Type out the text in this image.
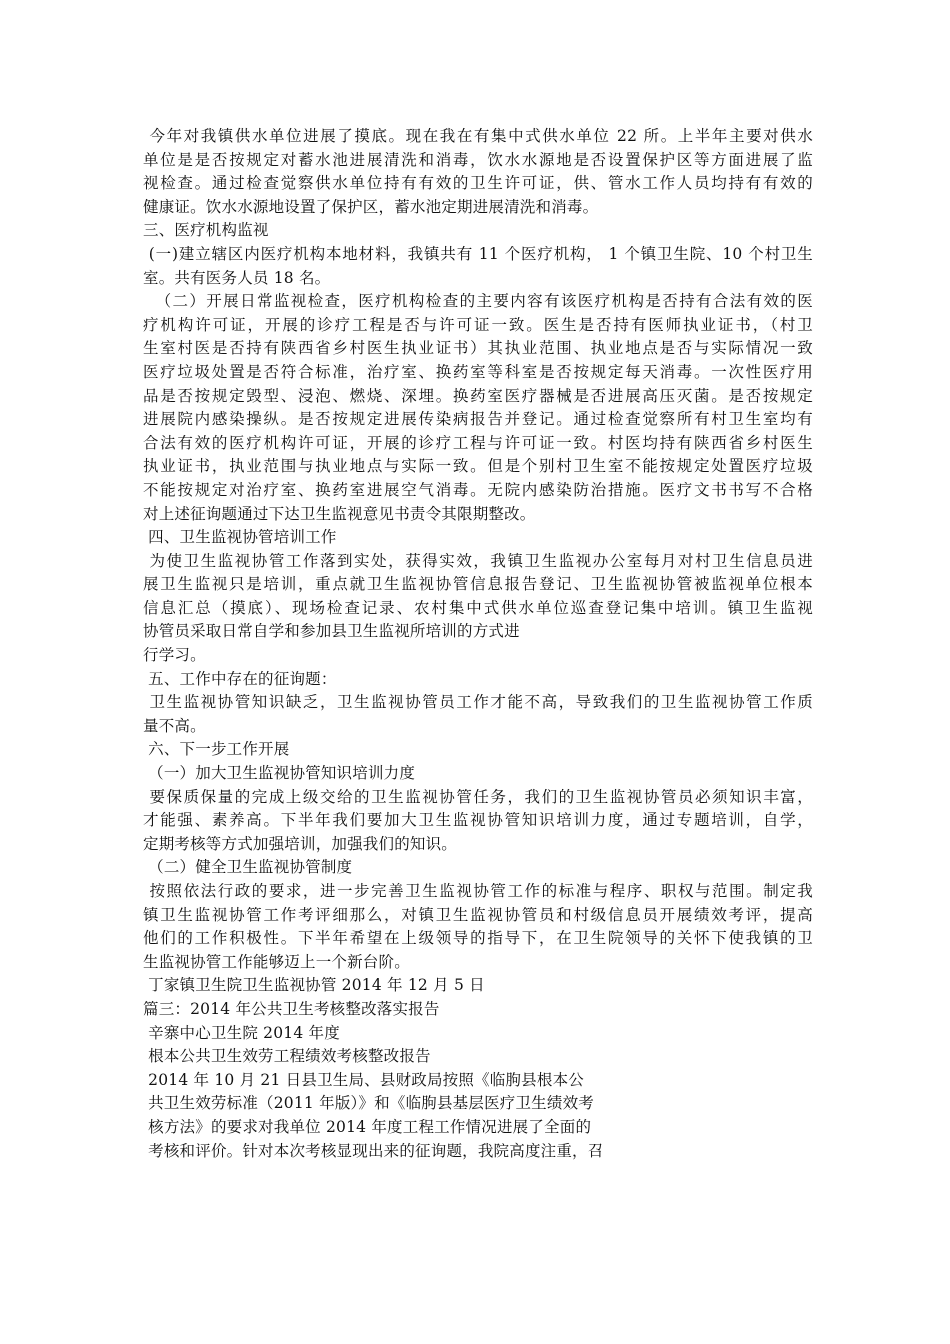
今年对我镇供水单位进展了摸底。现在我在有集中式供水单位 22 所。上半年主要对供水

单位是是否按规定对蓄水池进展清洗和消毒，饮水水源地是否设置保护区等方面进展了监

视检查。通过检查觉察供水单位持有有效的卫生许可证，供、管水工作人员均持有有效的

健康证。饮水水源地设置了保护区，蓄水池定期进展清洗和消毒。

三、医疗机构监视

(一)建立辖区内医疗机构本地材料，我镇共有 11 个医疗机构， 1 个镇卫生院、10 个村卫生

室。共有医务人员 18 名。

（二）开展日常监视检查，医疗机构检查的主要内容有该医疗机构是否持有合法有效的医

疗机构许可证，开展的诊疗工程是否与许可证一致。医生是否持有医师执业证书，（村卫

生室村医是否持有陕西省乡村医生执业证书）其执业范围、执业地点是否与实际情况一致

医疗垃圾处置是否符合标准，治疗室、换药室等科室是否按规定每天消毒。一次性医疗用

品是否按规定毁型、浸泡、燃烧、深埋。换药室医疗器械是否进展高压灭菌。是否按规定

进展院内感染操纵。是否按规定进展传染病报告并登记。通过检查觉察所有村卫生室均有

合法有效的医疗机构许可证，开展的诊疗工程与许可证一致。村医均持有陕西省乡村医生

执业证书，执业范围与执业地点与实际一致。但是个别村卫生室不能按规定处置医疗垃圾

不能按规定对治疗室、换药室进展空气消毒。无院内感染防治措施。医疗文书书写不合格

对上述征询题通过下达卫生监视意见书责令其限期整改。

四、卫生监视协管培训工作

为使卫生监视协管工作落到实处，获得实效，我镇卫生监视办公室每月对村卫生信息员进

展卫生监视只是培训，重点就卫生监视协管信息报告登记、卫生监视协管被监视单位根本

信息汇总（摸底）、现场检查记录、农村集中式供水单位巡查登记集中培训。镇卫生监视

协管员采取日常自学和参加县卫生监视所培训的方式进

行学习。

五、工作中存在的征询题：

卫生监视协管知识缺乏，卫生监视协管员工作才能不高，导致我们的卫生监视协管工作质

量不高。

六、下一步工作开展

（一）加大卫生监视协管知识培训力度

要保质保量的完成上级交给的卫生监视协管任务，我们的卫生监视协管员必须知识丰富，

才能强、素养高。下半年我们要加大卫生监视协管知识培训力度，通过专题培训，自学，

定期考核等方式加强培训，加强我们的知识。

（二）健全卫生监视协管制度

按照依法行政的要求，进一步完善卫生监视协管工作的标准与程序、职权与范围。制定我

镇卫生监视协管工作考评细那么，对镇卫生监视协管员和村级信息员开展绩效考评，提高

他们的工作积极性。下半年希望在上级领导的指导下，在卫生院领导的关怀下使我镇的卫

生监视协管工作能够迈上一个新台阶。

丁家镇卫生院卫生监视协管 2014 年 12 月 5 日

篇三：2014 年公共卫生考核整改落实报告

辛寨中心卫生院 2014 年度

根本公共卫生效劳工程绩效考核整改报告

2014 年 10 月 21 日县卫生局、县财政局按照《临朐县根本公

共卫生效劳标准（2011 年版）》和《临朐县基层医疗卫生绩效考

核方法》的要求对我单位 2014 年度工程工作情况进展了全面的

考核和评价。针对本次考核显现出来的征询题，我院高度注重，召
